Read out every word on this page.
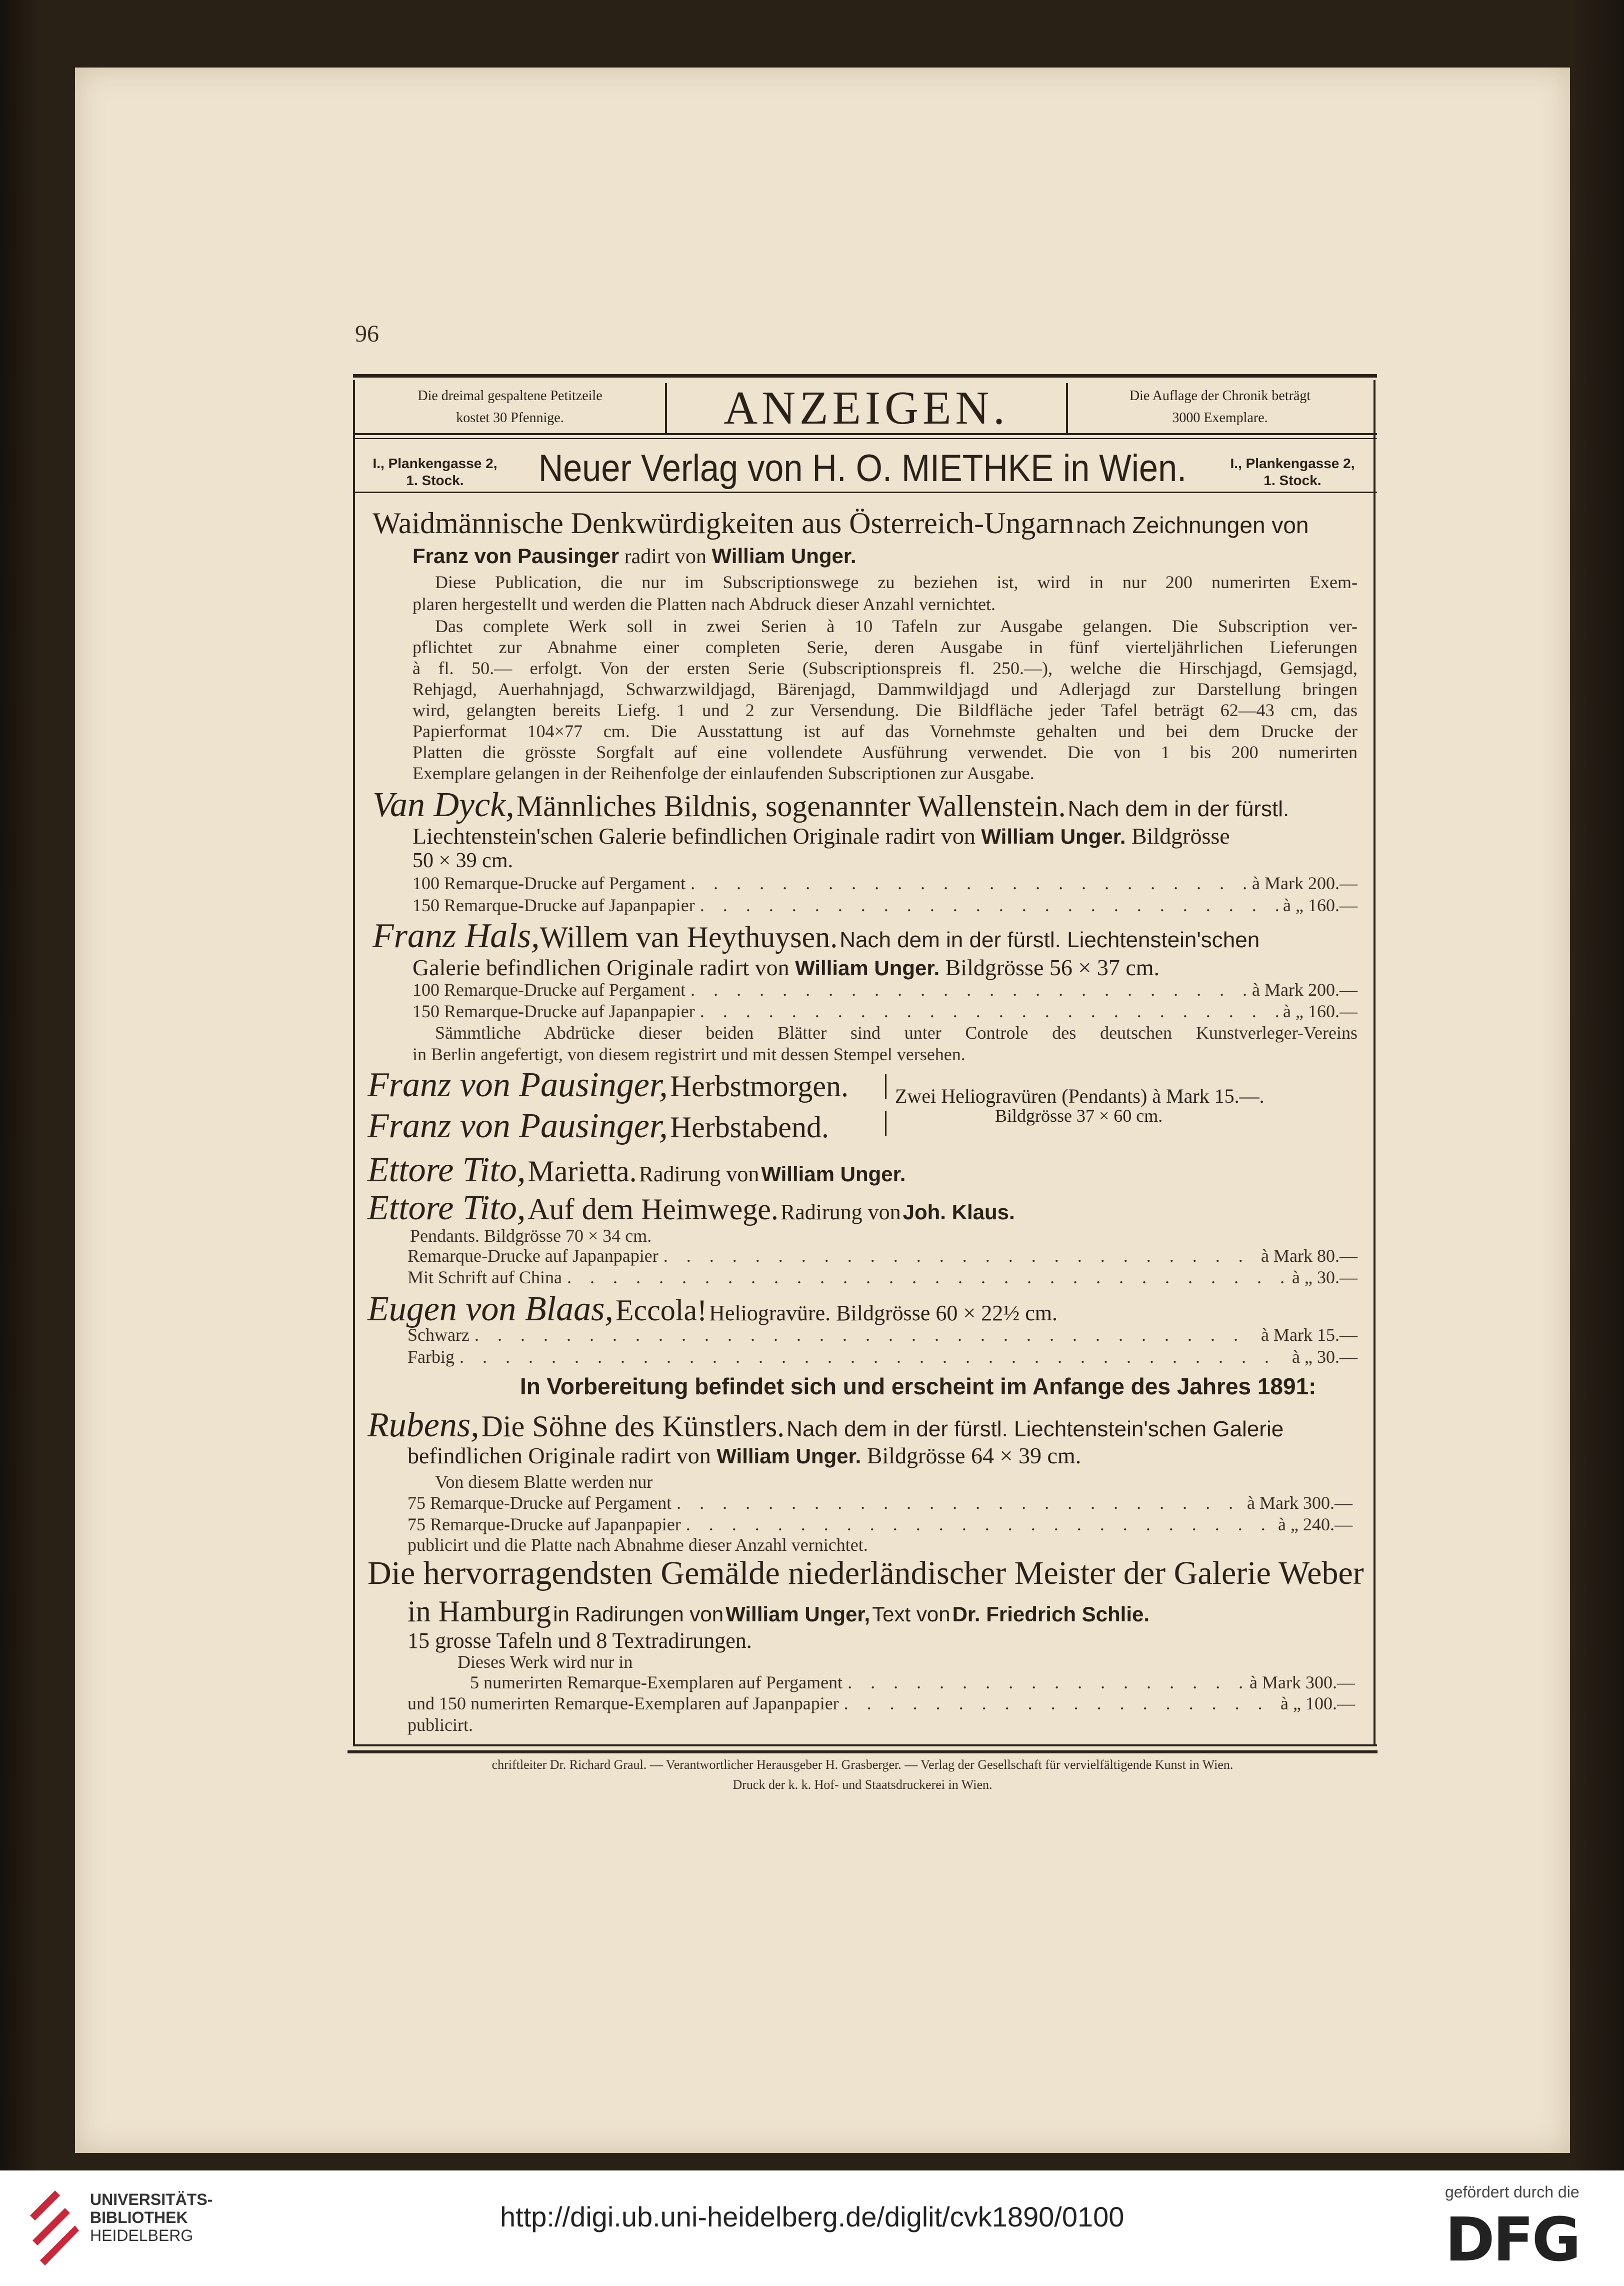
96
Die dreimal gespaltene Petitzeile
kostet 30 Pfennige.	ANZEIGEN.	Die Auflage der Chronik beträgt
3000 Exemplare.
I., Plankengasse 2,
1. Stock.	Neuer Verlag von H. O. MIETHKE in Wien.	I., Plankengasse 2,
1. Stock.
Waidmännische Denkwürdigkeiten aus Österreich-Ungarn nach Zeichnungen von
Franz von Pausinger radirt von William Unger.
Diese Publication, die nur im Subscriptionswege zu beziehen ist, wird in nur 200 numerirten Exem-
plaren hergestellt und werden die Platten nach Abdruck dieser Anzahl vernichtet.
Das complete Werk soll in zwei Serien à 10 Tafeln zur Ausgabe gelangen. Die Subscription ver-
pflichtet zur Abnahme einer completen Serie, deren Ausgabe in fünf vierteljährlichen Lieferungen
à fl. 50.— erfolgt. Von der ersten Serie (Subscriptionspreis fl. 250.—), welche die Hirschjagd, Gemsjagd,
Rehjagd, Auerhahnjagd, Schwarzwildjagd, Bärenjagd, Dammwildjagd und Adlerjagd zur Darstellung bringen
wird, gelangten bereits Liefg. 1 und 2 zur Versendung. Die Bildfläche jeder Tafel beträgt 62—43 cm, das
Papierformat 104×77 cm. Die Ausstattung ist auf das Vornehmste gehalten und bei dem Drucke der
Platten die grösste Sorgfalt auf eine vollendete Ausführung verwendet. Die von 1 bis 200 numerirten
Exemplare gelangen in der Reihenfolge der einlaufenden Subscriptionen zur Ausgabe.
Van Dyck, Männliches Bildnis, sogenannter Wallenstein. Nach dem in der fürstl.
Liechtenstein'schen Galerie befindlichen Originale radirt von William Unger. Bildgrösse
50 × 39 cm.
100 Remarque-Drucke auf Pergament . . .	à Mark 200.—
150 Remarque-Drucke auf Japanpapier . . .	à „ 160.—
Franz Hals,Willem van Heythuysen. Nach dem in der fürstl. Liechtenstein'schen
Galerie befindlichen Originale radirt von William Unger. Bildgrösse 56 × 37 cm.
100 Remarque-Drucke auf Pergament . . .	à Mark 200.—
150 Remarque-Drucke auf Japanpapier . . .	à „ 160.—
Sämmtliche Abdrücke dieser beiden Blätter sind unter Controle des deutschen Kunstverleger-Vereins
in Berlin angefertigt, von diesem registrirt und mit dessen Stempel versehen.
Franz von Pausinger, Herbstmorgen.
Franz von Pausinger, Herbstabend.
Zwei Heliogravüren (Pendants) à Mark 15.—.
Bildgrösse 37 × 60 cm.
Ettore Tito, Marietta. Radirung von William Unger.
Ettore Tito, Auf dem Heimwege. Radirung von Joh. Klaus.
Pendants. Bildgrösse 70 × 34 cm.
Remarque-Drucke auf Japanpapier . . .	à Mark 80.—
Mit Schrift auf China . . .	à „ 30.—
Eugen von Blaas, Eccola! Heliogravüre. Bildgrösse 60 × 22½ cm.
Schwarz . . .	à Mark 15.—
Farbig . . .	à „ 30.—
In Vorbereitung befindet sich und erscheint im Anfange des Jahres 1891:
Rubens, Die Söhne des Künstlers. Nach dem in der fürstl. Liechtenstein'schen Galerie
befindlichen Originale radirt von William Unger. Bildgrösse 64 × 39 cm.
Von diesem Blatte werden nur
75 Remarque-Drucke auf Pergament . . .	à Mark 300.—
75 Remarque-Drucke auf Japanpapier . . .	à „ 240.—
publicirt und die Platte nach Abnahme dieser Anzahl vernichtet.
Die hervorragendsten Gemälde niederländischer Meister der Galerie Weber
in Hamburg in Radirungen von William Unger, Text von Dr. Friedrich Schlie.
15 grosse Tafeln und 8 Textradirungen.
Dieses Werk wird nur in
5 numerirten Remarque-Exemplaren auf Pergament . . .	à Mark 300.—
und 150 numerirten Remarque-Exemplaren auf Japanpapier . . .	à „ 100.—
publicirt.
chriftleiter Dr. Richard Graul. — Verantwortlicher Herausgeber H. Grasberger. — Verlag der Gesellschaft für vervielfältigende Kunst in Wien.
Druck der k. k. Hof- und Staatsdruckerei in Wien.
UNIVERSITÄTS-
BIBLIOTHEK
HEIDELBERG
http://digi.ub.uni-heidelberg.de/diglit/cvk1890/0100
gefördert durch die
DFG
